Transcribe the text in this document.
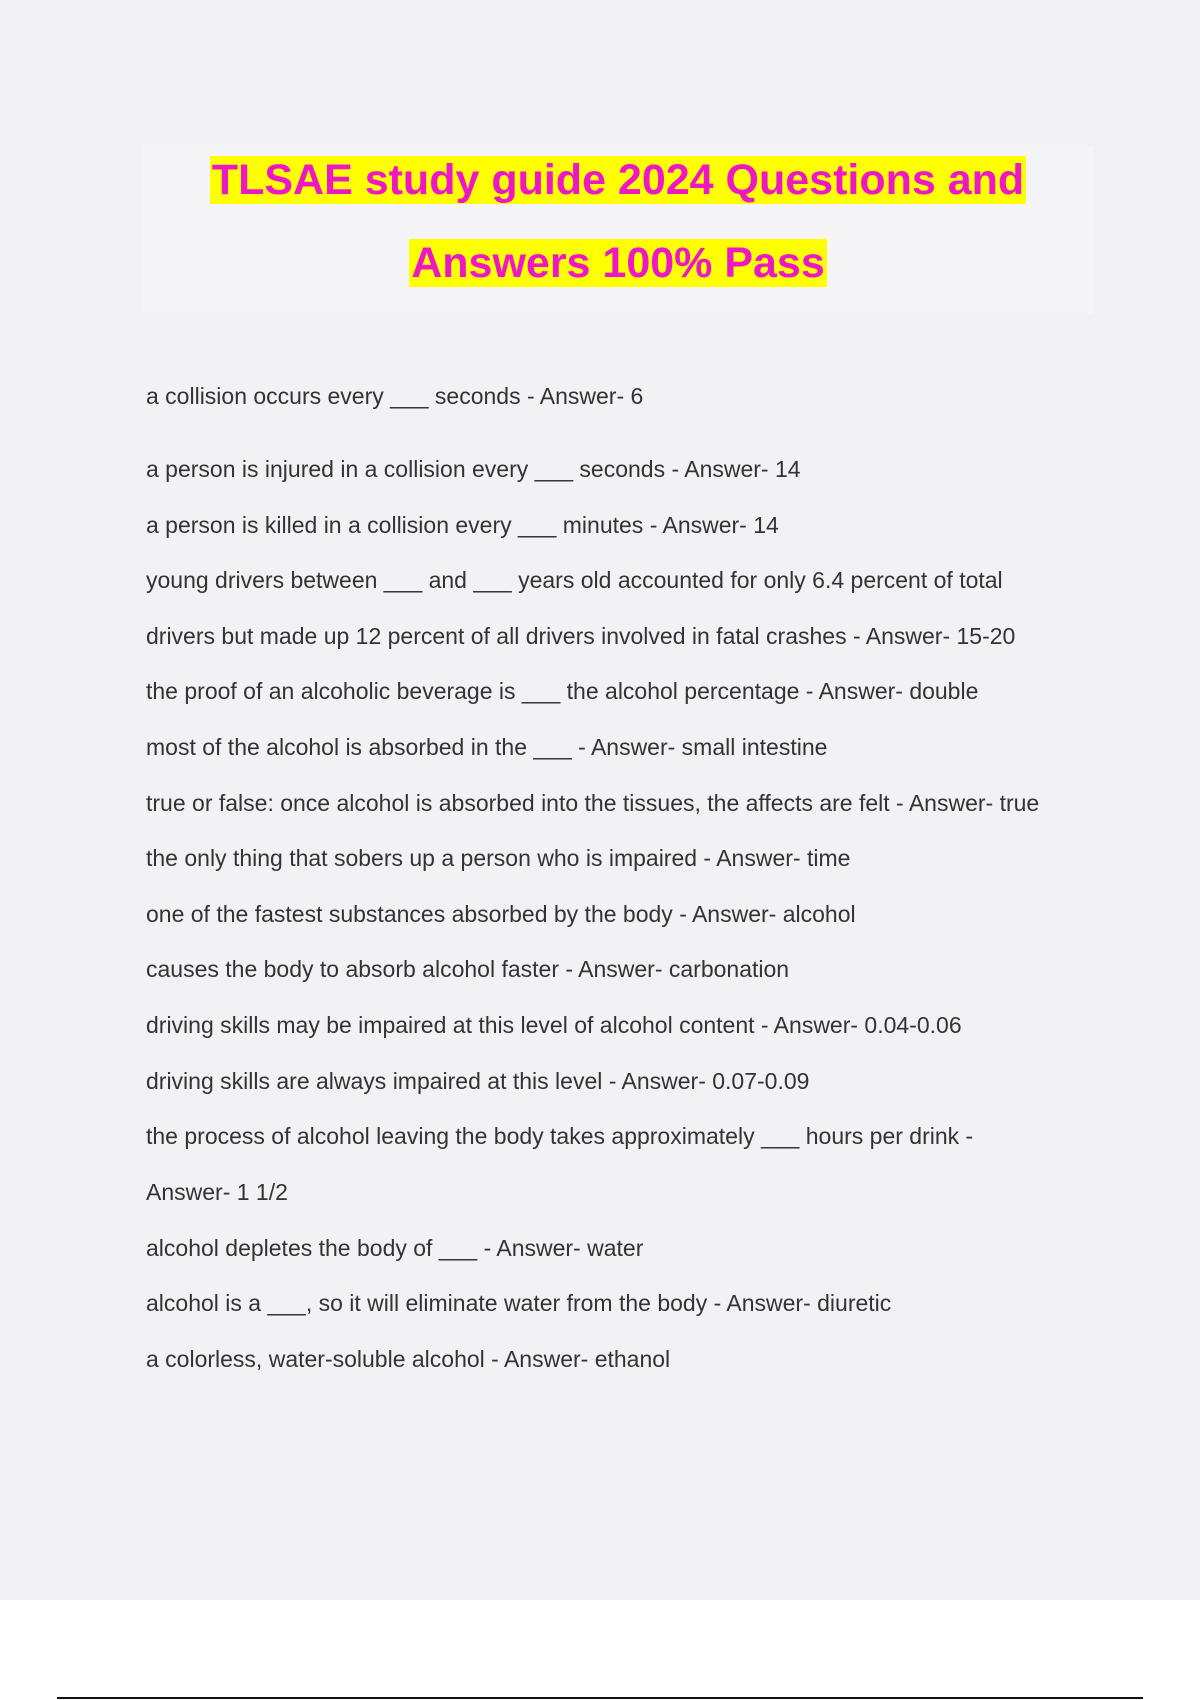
TLSAE study guide 2024 Questions and
Answers 100% Pass
a collision occurs every ___ seconds - Answer- 6
a person is injured in a collision every ___ seconds - Answer- 14
a person is killed in a collision every ___ minutes - Answer- 14
young drivers between ___ and ___ years old accounted for only 6.4 percent of total
drivers but made up 12 percent of all drivers involved in fatal crashes - Answer- 15-20
the proof of an alcoholic beverage is ___ the alcohol percentage - Answer- double
most of the alcohol is absorbed in the ___ - Answer- small intestine
true or false: once alcohol is absorbed into the tissues, the affects are felt - Answer- true
the only thing that sobers up a person who is impaired - Answer- time
one of the fastest substances absorbed by the body - Answer- alcohol
causes the body to absorb alcohol faster - Answer- carbonation
driving skills may be impaired at this level of alcohol content - Answer- 0.04-0.06
driving skills are always impaired at this level - Answer- 0.07-0.09
the process of alcohol leaving the body takes approximately ___ hours per drink -
Answer- 1 1/2
alcohol depletes the body of ___ - Answer- water
alcohol is a ___, so it will eliminate water from the body - Answer- diuretic
a colorless, water-soluble alcohol - Answer- ethanol
